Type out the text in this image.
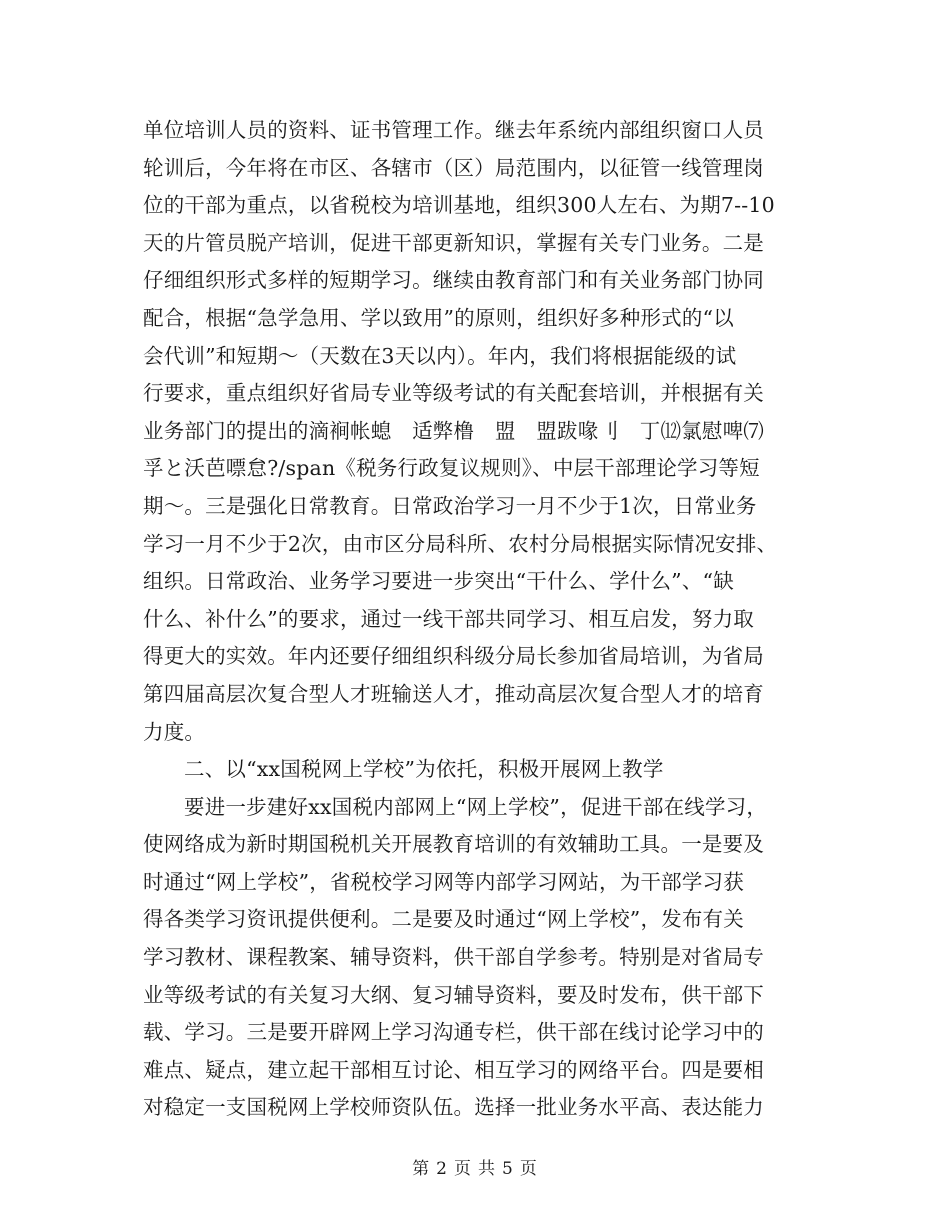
单位培训人员的资料、证书管理工作。继去年系统内部组织窗口人员
轮训后，今年将在市区、各辖市（区）局范围内，以征管一线管理岗
位的干部为重点，以省税校为培训基地，组织300人左右、为期7--10
天的片管员脱产培训，促进干部更新知识，掌握有关专门业务。二是
仔细组织形式多样的短期学习。继续由教育部门和有关业务部门协同
配合，根据“急学急用、学以致用”的原则，组织好多种形式的“以
会代训”和短期～（天数在3天以内）。年内，我们将根据能级的试
行要求，重点组织好省局专业等级考试的有关配套培训，并根据有关
业务部门的提出的滴裥帐螅　适弊橹　盟　盟跋喙刂　丁⑿氯慰啤⑺
孚と沃芭嘌怠?/span《税务行政复议规则》、中层干部理论学习等短
期～。三是强化日常教育。日常政治学习一月不少于1次，日常业务
学习一月不少于2次，由市区分局科所、农村分局根据实际情况安排、
组织。日常政治、业务学习要进一步突出“干什么、学什么”、“缺
什么、补什么”的要求，通过一线干部共同学习、相互启发，努力取
得更大的实效。年内还要仔细组织科级分局长参加省局培训，为省局
第四届高层次复合型人才班输送人才，推动高层次复合型人才的培育
力度。
二、以“xx国税网上学校”为依托，积极开展网上教学
要进一步建好xx国税内部网上“网上学校”，促进干部在线学习，
使网络成为新时期国税机关开展教育培训的有效辅助工具。一是要及
时通过“网上学校”，省税校学习网等内部学习网站，为干部学习获
得各类学习资讯提供便利。二是要及时通过“网上学校”，发布有关
学习教材、课程教案、辅导资料，供干部自学参考。特别是对省局专
业等级考试的有关复习大纲、复习辅导资料，要及时发布，供干部下
载、学习。三是要开辟网上学习沟通专栏，供干部在线讨论学习中的
难点、疑点，建立起干部相互讨论、相互学习的网络平台。四是要相
对稳定一支国税网上学校师资队伍。选择一批业务水平高、表达能力
第 2 页 共 5 页
